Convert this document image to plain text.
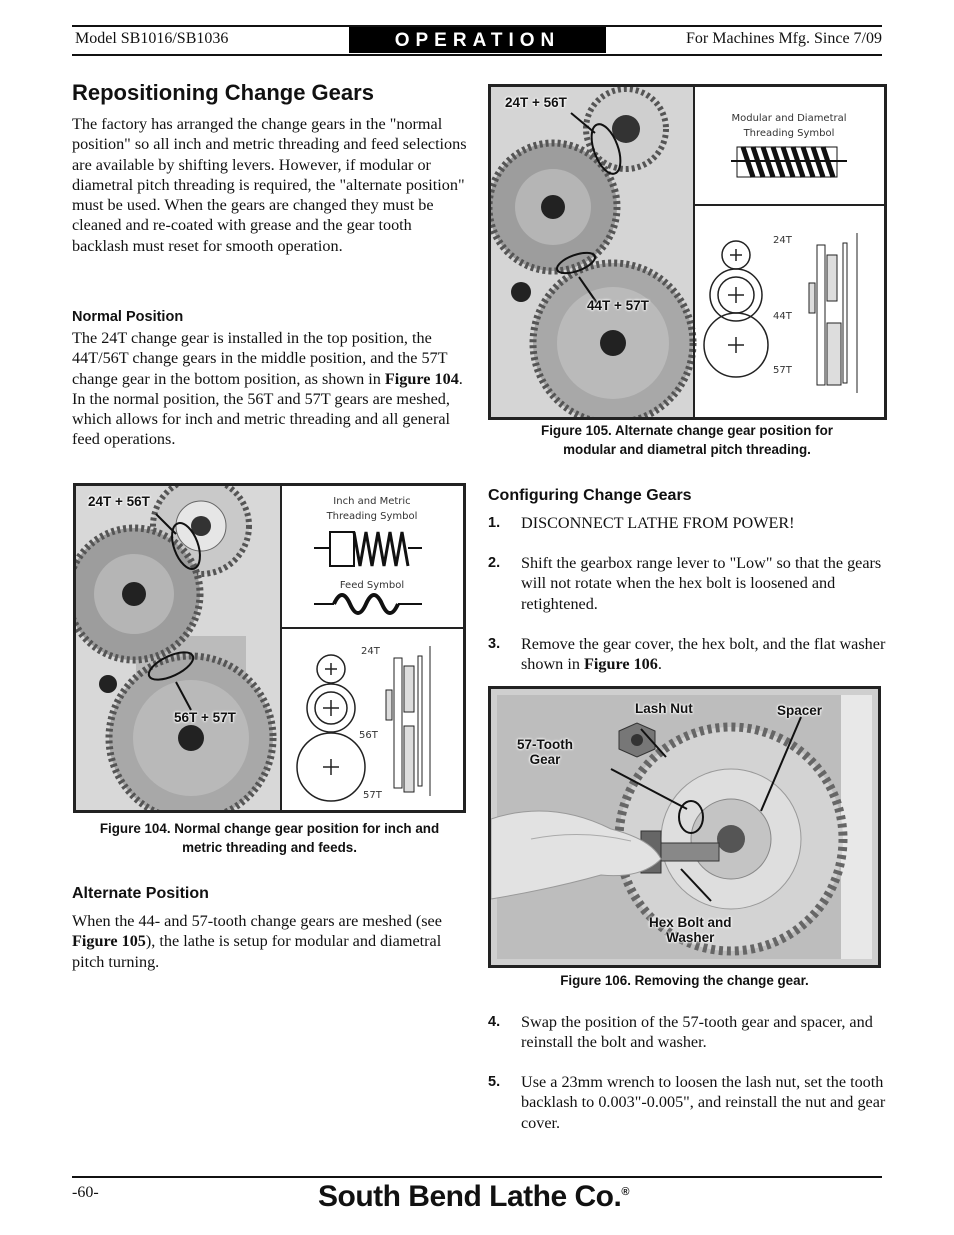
Model SB1016/SB1036	OPERATION	For Machines Mfg. Since 7/09
Repositioning Change Gears

The factory has arranged the change gears in the "normal position" so all inch and metric threading and feed selections are available by shifting levers. However, if modular or diametral pitch threading is required, the "alternate position" must be used. When the gears are changed they must be cleaned and re-coated with grease and the gear tooth backlash must reset for smooth operation.

Normal Position

The 24T change gear is installed in the top position, the 44T/56T change gears in the middle position, and the 57T change gear in the bottom position, as shown in Figure 104. In the normal position, the 56T and 57T gears are meshed, which allows for inch and metric threading and all general feed operations.

Inch and Metric
Threading Symbol
Feed Symbol
24T
56T
57T
24T + 56T
56T + 57T

Figure 104. Normal change gear position for inch and
metric threading and feeds.

Alternate Position

When the 44- and 57-tooth change gears are meshed (see Figure 105), the lathe is setup for modular and diametral pitch turning.

Modular and Diametral
Threading Symbol
24T
44T
57T
24T + 56T
44T + 57T

Figure 105. Alternate change gear position for
modular and diametral pitch threading.

Configuring Change Gears

1. DISCONNECT LATHE FROM POWER!
2. Shift the gearbox range lever to "Low" so that the gears will not rotate when the hex bolt is loosened and retightened.
3. Remove the gear cover, the hex bolt, and the flat washer shown in Figure 106.
Lash Nut	Spacer
57-Tooth
Gear
Hex Bolt and
Washer

Figure 106. Removing the change gear.

4. Swap the position of the 57-tooth gear and spacer, and reinstall the bolt and washer.
5. Use a 23mm wrench to loosen the lash nut, set the tooth backlash to 0.003"-0.005", and reinstall the nut and gear cover.
-60-	South Bend Lathe Co.®
